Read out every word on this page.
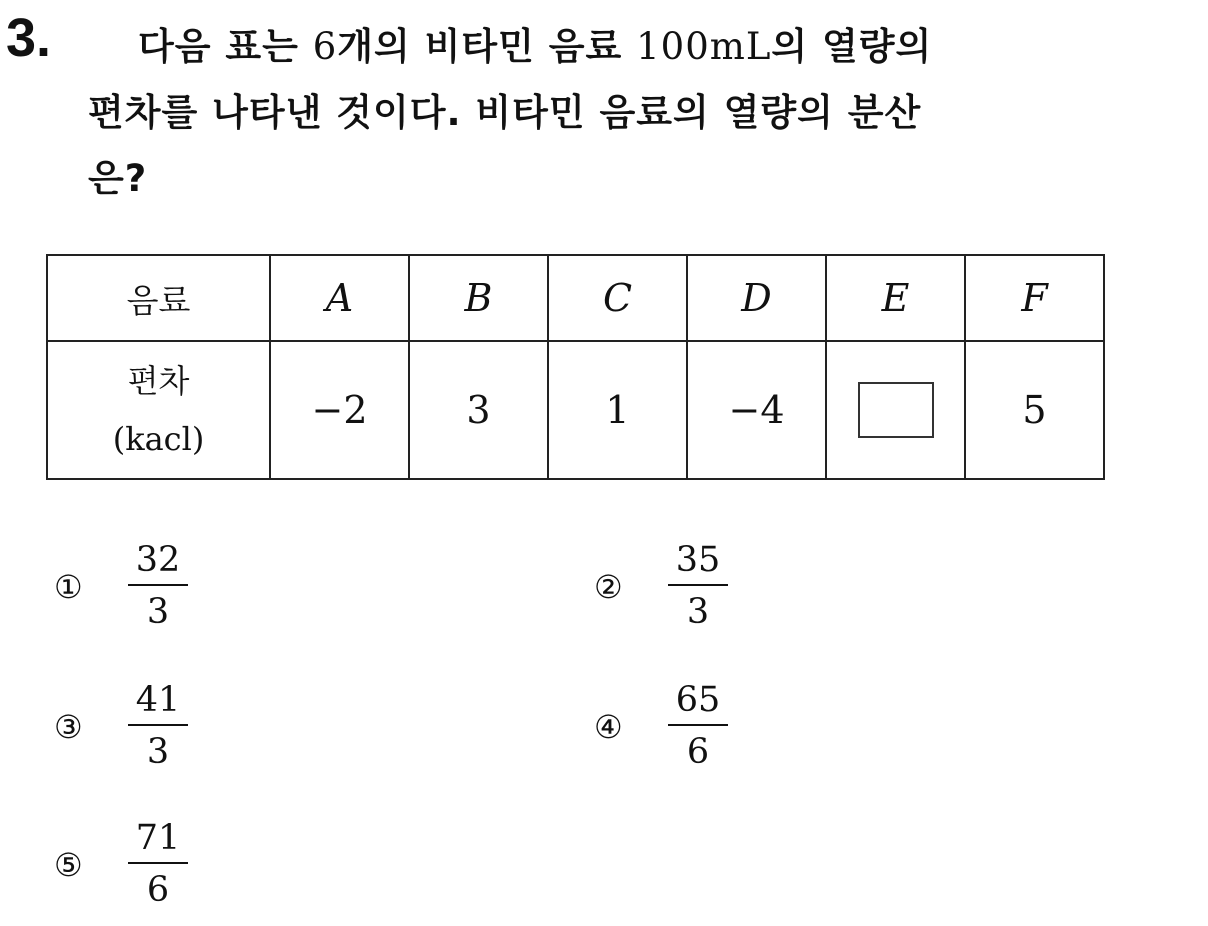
3.	다음 표는 6개의 비타민 음료 100mL의 열량의
편차를 나타낸 것이다. 비타민 음료의 열량의 분산
은?
음료	A	B	C	D	E	F

편차
(kacl)	−2	3	1	−4		5
①
32
3
②
35
3
③
41
3
④
65
6
⑤
71
6
